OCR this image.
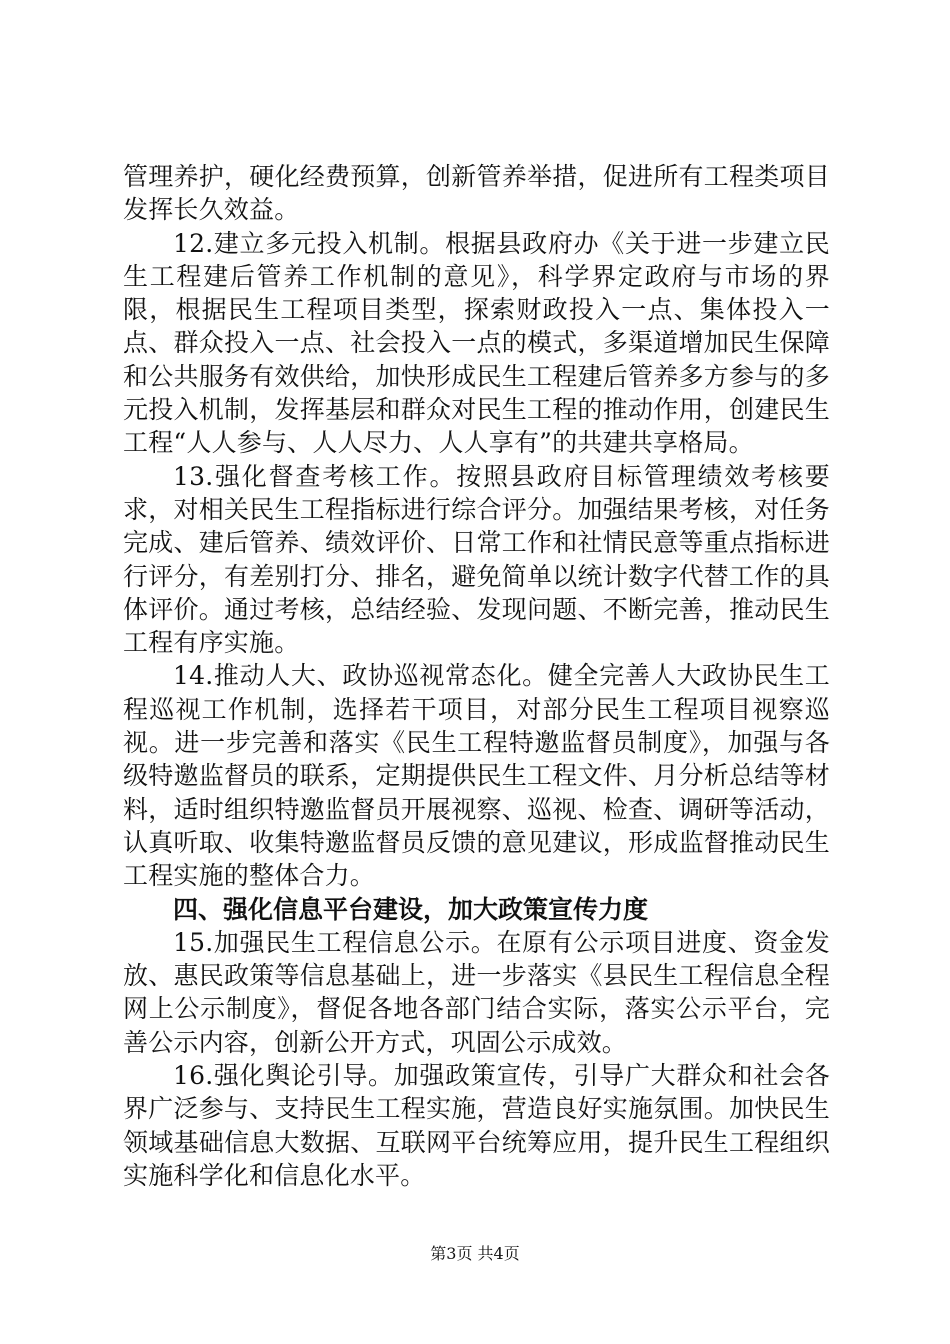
管理养护，硬化经费预算，创新管养举措，促进所有工程类项目发挥长久效益。

12.建立多元投入机制。根据县政府办《关于进一步建立民生工程建后管养工作机制的意见》，科学界定政府与市场的界限，根据民生工程项目类型，探索财政投入一点、集体投入一点、群众投入一点、社会投入一点的模式，多渠道增加民生保障和公共服务有效供给，加快形成民生工程建后管养多方参与的多元投入机制，发挥基层和群众对民生工程的推动作用，创建民生工程“人人参与、人人尽力、人人享有”的共建共享格局。

13.强化督查考核工作。按照县政府目标管理绩效考核要求，对相关民生工程指标进行综合评分。加强结果考核，对任务完成、建后管养、绩效评价、日常工作和社情民意等重点指标进行评分，有差别打分、排名，避免简单以统计数字代替工作的具体评价。通过考核，总结经验、发现问题、不断完善，推动民生工程有序实施。

14.推动人大、政协巡视常态化。健全完善人大政协民生工程巡视工作机制，选择若干项目，对部分民生工程项目视察巡视。进一步完善和落实《民生工程特邀监督员制度》，加强与各级特邀监督员的联系，定期提供民生工程文件、月分析总结等材料，适时组织特邀监督员开展视察、巡视、检查、调研等活动，认真听取、收集特邀监督员反馈的意见建议，形成监督推动民生工程实施的整体合力。

四、强化信息平台建设，加大政策宣传力度

15.加强民生工程信息公示。在原有公示项目进度、资金发放、惠民政策等信息基础上，进一步落实《县民生工程信息全程网上公示制度》，督促各地各部门结合实际，落实公示平台，完善公示内容，创新公开方式，巩固公示成效。

16.强化舆论引导。加强政策宣传，引导广大群众和社会各界广泛参与、支持民生工程实施，营造良好实施氛围。加快民生领域基础信息大数据、互联网平台统筹应用，提升民生工程组织实施科学化和信息化水平。

第3页 共4页
